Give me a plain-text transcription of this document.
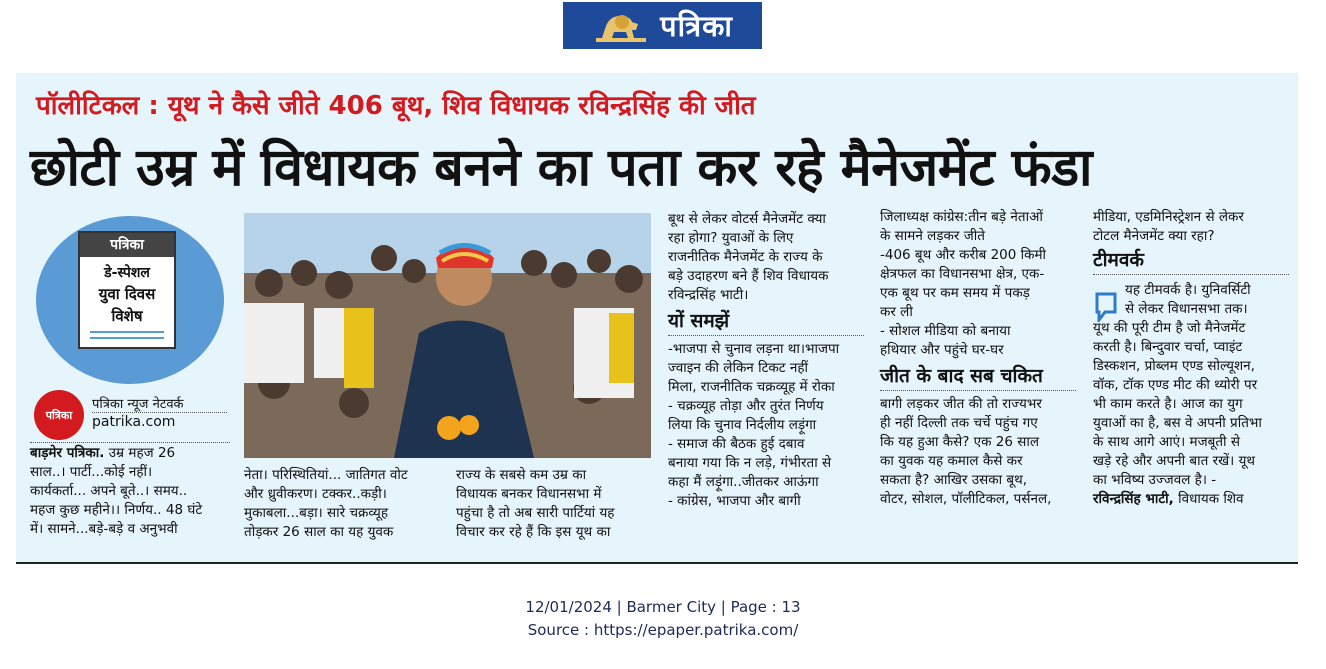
पत्रिका
पॉलीटिकल : यूथ ने कैसे जीते 406 बूथ, शिव विधायक रविन्द्रसिंह की जीत
छोटी उम्र में विधायक बनने का पता कर रहे मैनेजमेंट फंडा
पत्रिका
डे-स्पेशल
युवा दिवस
विशेष
पत्रिका
पत्रिका न्यूज नेटवर्क
patrika.com
बाड़मेर पत्रिका. उम्र महज 26
साल..। पार्टी...कोई नहीं।
कार्यकर्ता... अपने बूते..। समय..
महज कुछ महीने।। निर्णय.. 48 घंटे
में। सामने...बड़े-बड़े व अनुभवी
नेता। परिस्थितियां... जातिगत वोट
और ध्रुवीकरण। टक्कर..कड़ी।
मुकाबला...बड़ा। सारे चक्रव्यूह
तोड़कर 26 साल का यह युवक
राज्य के सबसे कम उम्र का
विधायक बनकर विधानसभा में
पहुंचा है तो अब सारी पार्टियां यह
विचार कर रहे हैं कि इस यूथ का
बूथ से लेकर वोटर्स मैनेजमेंट क्या
रहा होगा? युवाओं के लिए
राजनीतिक मैनेजमेंट के राज्य के
बड़े उदाहरण बने हैं शिव विधायक
रविन्द्रसिंह भाटी।
यों समझें
-भाजपा से चुनाव लड़ना था।भाजपा
ज्वाइन की लेकिन टिकट नहीं
मिला, राजनीतिक चक्रव्यूह में रोका
- चक्रव्यूह तोड़ा और तुरंत निर्णय
लिया कि चुनाव निर्दलीय लड़ूंगा
- समाज की बैठक हुई दबाव
बनाया गया कि न लड़े, गंभीरता से
कहा मैं लड़ूंगा..जीतकर आऊंगा
- कांग्रेस, भाजपा और बागी
जिलाध्यक्ष कांग्रेस:तीन बड़े नेताओं
के सामने लड़कर जीते
-406 बूथ और करीब 200 किमी
क्षेत्रफल का विधानसभा क्षेत्र, एक-
एक बूथ पर कम समय में पकड़
कर ली
- सोशल मीडिया को बनाया
हथियार और पहुंचे घर-घर
जीत के बाद सब चकित
बागी लड़कर जीत की तो राज्यभर
ही नहीं दिल्ली तक चर्चे पहुंच गए
कि यह हुआ कैसे? एक 26 साल
का युवक यह कमाल कैसे कर
सकता है? आखिर उसका बूथ,
वोटर, सोशल, पॉलीटिकल, पर्सनल,
मीडिया, एडमिनिस्ट्रेशन से लेकर
टोटल मैनेजमेंट क्या रहा?
टीमवर्क
यह टीमवर्क है। युनिवर्सिटी
से लेकर विधानसभा तक।
यूथ की पूरी टीम है जो मैनेजमेंट
करती है। बिन्दुवार चर्चा, प्वाइंट
डिस्कशन, प्रोब्लम एण्ड सोल्यूशन,
वॉक, टॉक एण्ड मीट की थ्योरी पर
भी काम करते है। आज का युग
युवाओं का है, बस वे अपनी प्रतिभा
के साथ आगे आएं। मजबूती से
खड़े रहे और अपनी बात रखें। यूथ
का भविष्य उज्जवल है। -
रविन्द्रसिंह भाटी, विधायक शिव
12/01/2024 | Barmer City | Page : 13
Source : https://epaper.patrika.com/
